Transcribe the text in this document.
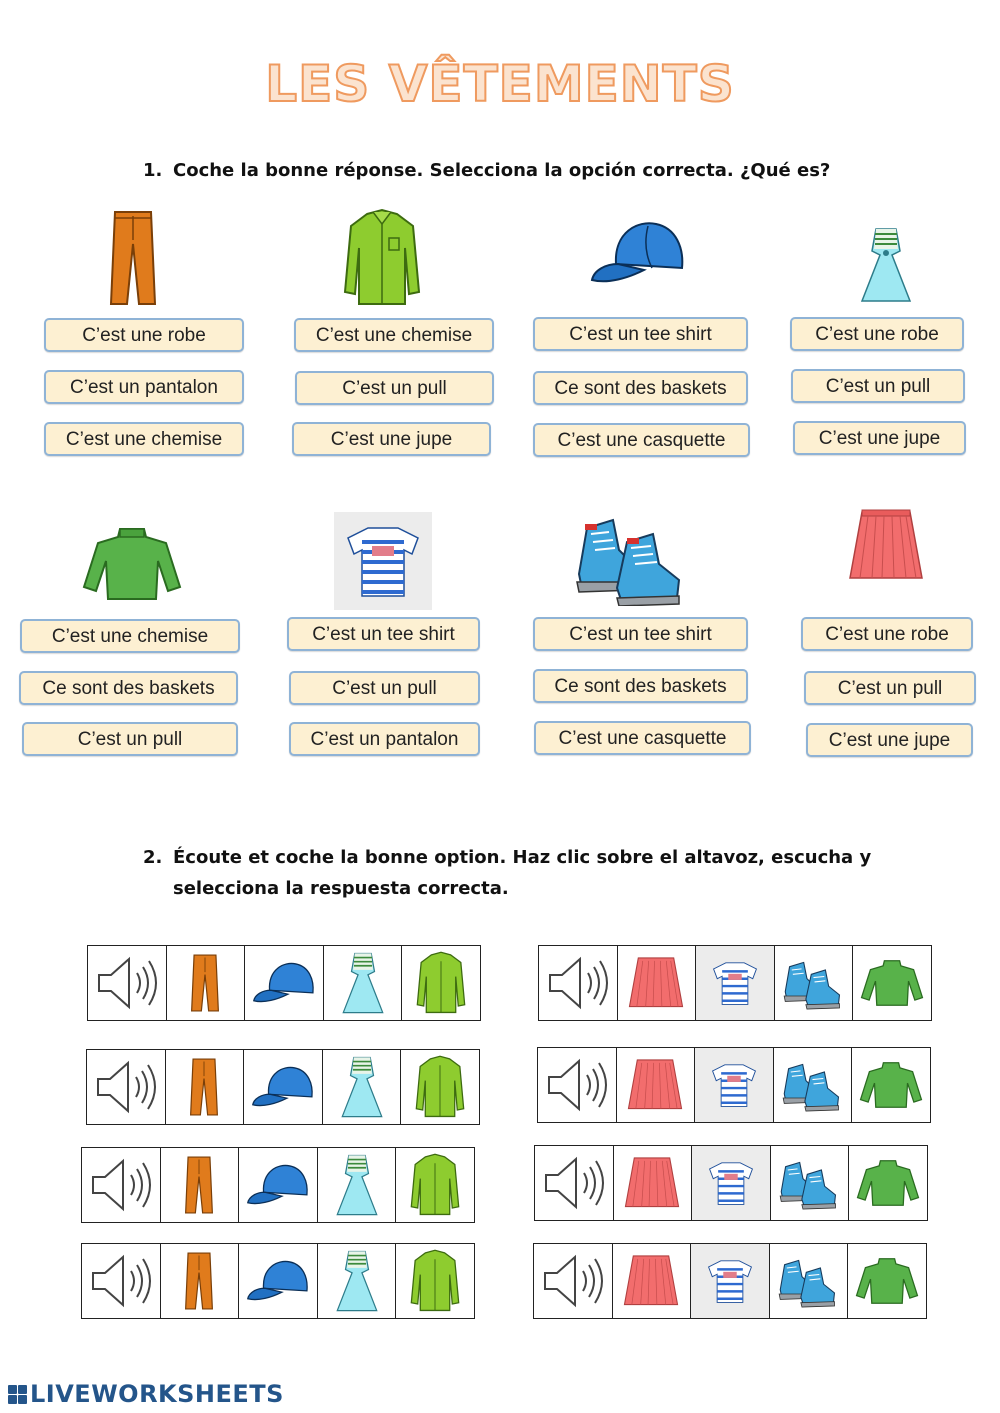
LES VÊTEMENTS
1. Coche la bonne réponse. Selecciona la opción correcta. ¿Qué es?
C’est une robe
C’est un pantalon
C’est une chemise
C’est une chemise
C’est un pull
C’est une jupe
C’est un tee shirt
Ce sont des baskets
C’est une casquette
C’est une robe
C’est un pull
C’est une jupe
C’est une chemise
Ce sont des baskets
C’est un pull
C’est un tee shirt
C’est un pull
C’est un pantalon
C’est un tee shirt
Ce sont des baskets
C’est une casquette
C’est une robe
C’est un pull
C’est une jupe
2. Écoute et coche la bonne option. Haz clic sobre el altavoz, escucha y
selecciona la respuesta correcta.
LIVEWORKSHEETS
